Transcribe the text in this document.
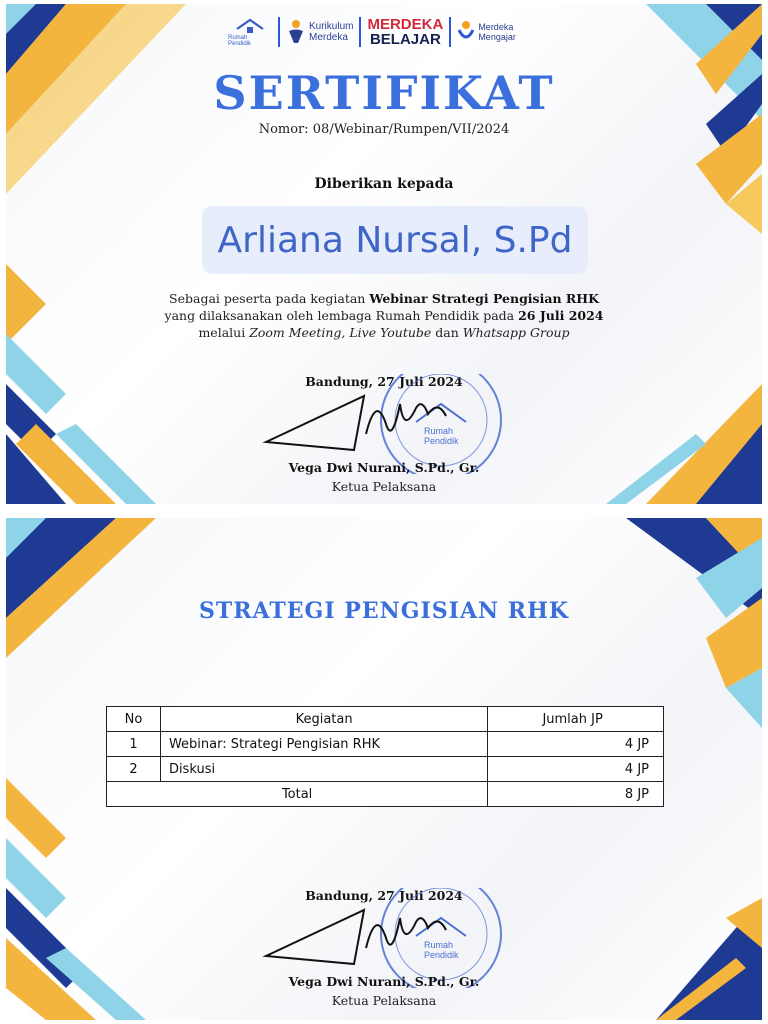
Rumah Pendidik
Kurikulum
Merdeka
MERDEKA
BELAJAR
Merdeka
Mengajar
SERTIFIKAT
Nomor: 08/Webinar/Rumpen/VII/2024
Diberikan kepada
Arliana Nursal, S.Pd
Sebagai peserta pada kegiatan Webinar Strategi Pengisian RHK
yang dilaksanakan oleh lembaga Rumah Pendidik pada 26 Juli 2024
melalui Zoom Meeting, Live Youtube dan Whatsapp Group
Bandung, 27 Juli 2024
Rumah
Pendidik
Vega Dwi Nurani, S.Pd., Gr.
Ketua Pelaksana
STRATEGI PENGISIAN RHK
No	Kegiatan	Jumlah JP
1	Webinar: Strategi Pengisian RHK	4 JP
2	Diskusi	4 JP
Total		8 JP
Bandung, 27 Juli 2024
Rumah
Pendidik
Vega Dwi Nurani, S.Pd., Gr.
Ketua Pelaksana
